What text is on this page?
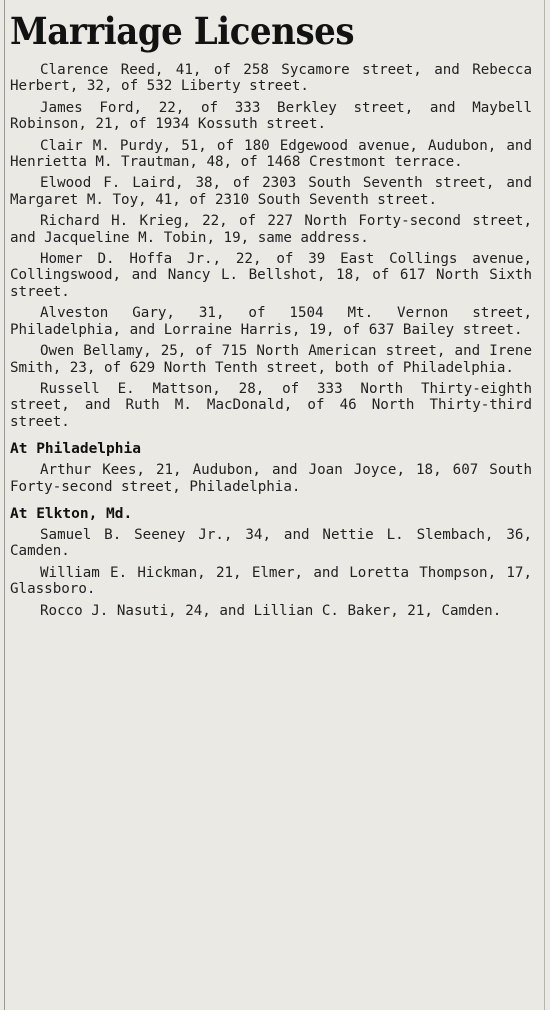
Marriage Licenses

Clarence Reed, 41, of 258 Sycamore street, and Rebecca Herbert, 32, of 532 Liberty street.

James Ford, 22, of 333 Berkley street, and Maybell Robinson, 21, of 1934 Kossuth street.

Clair M. Purdy, 51, of 180 Edgewood avenue, Audubon, and Henrietta M. Trautman, 48, of 1468 Crestmont terrace.

Elwood F. Laird, 38, of 2303 South Seventh street, and Margaret M. Toy, 41, of 2310 South Seventh street.

Richard H. Krieg, 22, of 227 North Forty-second street, and Jacqueline M. Tobin, 19, same address.

Homer D. Hoffa Jr., 22, of 39 East Collings avenue, Collingswood, and Nancy L. Bellshot, 18, of 617 North Sixth street.

Alveston Gary, 31, of 1504 Mt. Vernon street, Philadelphia, and Lorraine Harris, 19, of 637 Bailey street.

Owen Bellamy, 25, of 715 North American street, and Irene Smith, 23, of 629 North Tenth street, both of Philadelphia.

Russell E. Mattson, 28, of 333 North Thirty-eighth street, and Ruth M. MacDonald, of 46 North Thirty-third street.

At Philadelphia

Arthur Kees, 21, Audubon, and Joan Joyce, 18, 607 South Forty-second street, Philadelphia.

At Elkton, Md.

Samuel B. Seeney Jr., 34, and Nettie L. Slembach, 36, Camden.

William E. Hickman, 21, Elmer, and Loretta Thompson, 17, Glassboro.

Rocco J. Nasuti, 24, and Lillian C. Baker, 21, Camden.
